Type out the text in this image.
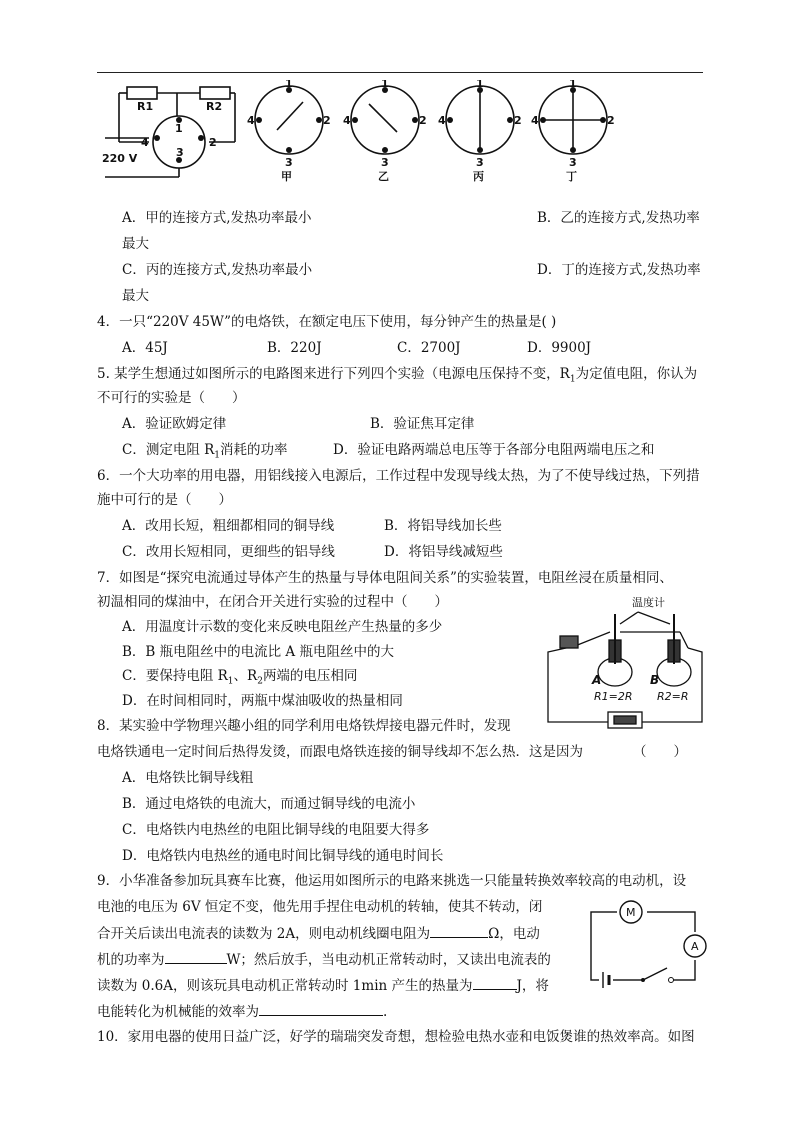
R1	R2
220 V
1
2
3
4
1
2
3
4
甲
1
2
3
4
乙
1
2
3
4
丙
1
2
3
4
丁
A．甲的连接方式,发热功率最小	B．乙的连接方式,发热功率
最大
C．丙的连接方式,发热功率最小	D．丁的连接方式,发热功率
最大
4．一只“220V 45W”的电烙铁，在额定电压下使用，每分钟产生的热量是( )
A．45J	B．220J	C．2700J	D．9900J
5. 某学生想通过如图所示的电路图来进行下列四个实验（电源电压保持不变，$R_1$为定值电阻，你认为
不可行的实验是（　　）
A．验证欧姆定律	B．验证焦耳定律
C．测定电阻 $R_1$消耗的功率	D．验证电路两端总电压等于各部分电阻两端电压之和
6．一个大功率的用电器，用铝线接入电源后，工作过程中发现导线太热，为了不使导线过热，下列措
施中可行的是（　　）
A．改用长短，粗细都相同的铜导线	B．将铝导线加长些
C．改用长短相同，更细些的铝导线	D．将铝导线减短些
7．如图是“探究电流通过导体产生的热量与导体电阻间关系”的实验装置，电阻丝浸在质量相同、
初温相同的煤油中，在闭合开关进行实验的过程中（　　）
A．用温度计示数的变化来反映电阻丝产生热量的多少
B．B 瓶电阻丝中的电流比 A 瓶电阻丝中的大
C．要保持电阻 $R_1$、$R_2$两端的电压相同
D．在时间相同时，两瓶中煤油吸收的热量相同
温度计
A	B
R1=2R R2=R
8．某实验中学物理兴趣小组的同学利用电烙铁焊接电器元件时，发现
电烙铁通电一定时间后热得发烫，而跟电烙铁连接的铜导线却不怎么热．这是因为	（　　）
A．电烙铁比铜导线粗
B．通过电烙铁的电流大，而通过铜导线的电流小
C．电烙铁内电热丝的电阻比铜导线的电阻要大得多
D．电烙铁内电热丝的通电时间比铜导线的通电时间长
9．小华准备参加玩具赛车比赛，他运用如图所示的电路来挑选一只能量转换效率较高的电动机，设
电池的电压为 6V 恒定不变，他先用手捏住电动机的转轴，使其不转动，闭
合开关后读出电流表的读数为 2A，则电动机线圈电阻为	Ω，电动
机的功率为	W；然后放手，当电动机正常转动时，又读出电流表的
读数为 0.6A，则该玩具电动机正常转动时 1min 产生的热量为	J，将
电能转化为机械能的效率为	.
M
A
10．家用电器的使用日益广泛，好学的瑞瑞突发奇想，想检验电热水壶和电饭煲谁的热效率高。如图
